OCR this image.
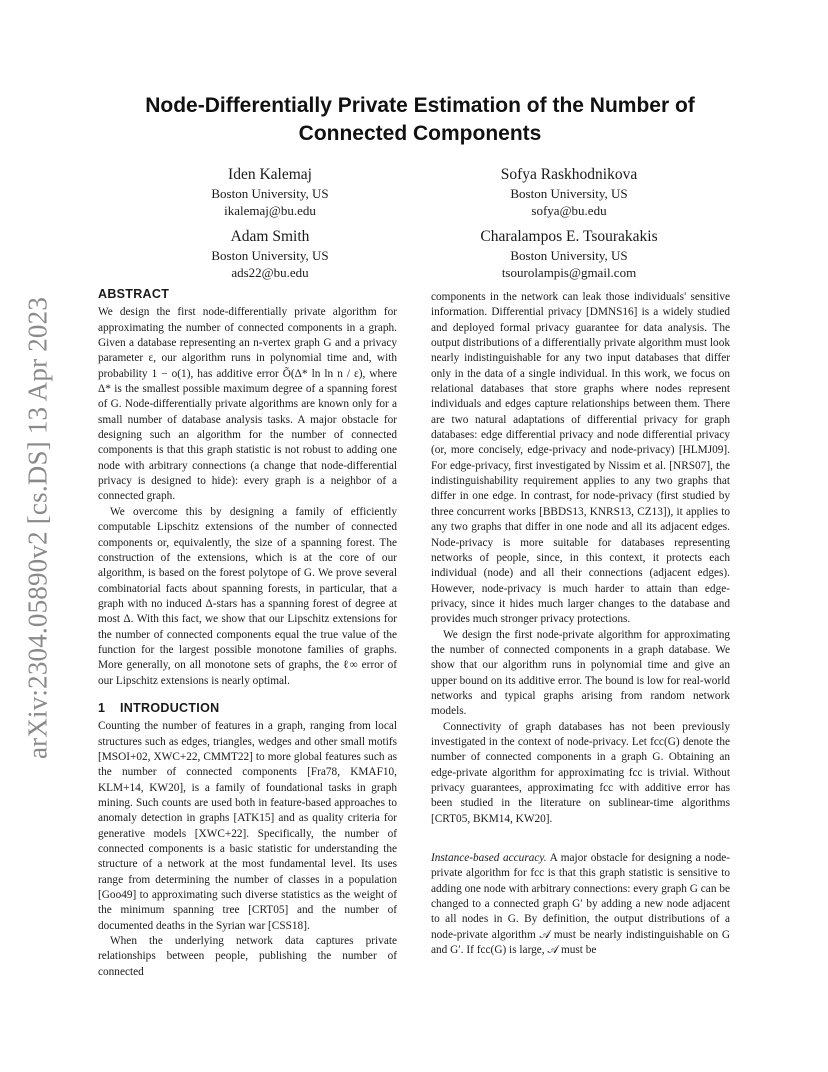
arXiv:2304.05890v2 [cs.DS] 13 Apr 2023
Node-Differentially Private Estimation of the Number of Connected Components
Iden Kalemaj
Boston University, US
ikalemaj@bu.edu
Sofya Raskhodnikova
Boston University, US
sofya@bu.edu
Adam Smith
Boston University, US
ads22@bu.edu
Charalampos E. Tsourakakis
Boston University, US
tsourolampis@gmail.com
ABSTRACT

We design the first node-differentially private algorithm for approximating the number of connected components in a graph. Given a database representing an n-vertex graph G and a privacy parameter ε, our algorithm runs in polynomial time and, with probability 1 − o(1), has additive error Õ(Δ* ln ln n / ε), where Δ* is the smallest possible maximum degree of a spanning forest of G. Node-differentially private algorithms are known only for a small number of database analysis tasks. A major obstacle for designing such an algorithm for the number of connected components is that this graph statistic is not robust to adding one node with arbitrary connections (a change that node-differential privacy is designed to hide): every graph is a neighbor of a connected graph.

We overcome this by designing a family of efficiently computable Lipschitz extensions of the number of connected components or, equivalently, the size of a spanning forest. The construction of the extensions, which is at the core of our algorithm, is based on the forest polytope of G. We prove several combinatorial facts about spanning forests, in particular, that a graph with no induced Δ-stars has a spanning forest of degree at most Δ. With this fact, we show that our Lipschitz extensions for the number of connected components equal the true value of the function for the largest possible monotone families of graphs. More generally, on all monotone sets of graphs, the ℓ∞ error of our Lipschitz extensions is nearly optimal.

1 INTRODUCTION

Counting the number of features in a graph, ranging from local structures such as edges, triangles, wedges and other small motifs [MSOI+02, XWC+22, CMMT22] to more global features such as the number of connected components [Fra78, KMAF10, KLM+14, KW20], is a family of foundational tasks in graph mining. Such counts are used both in feature-based approaches to anomaly detection in graphs [ATK15] and as quality criteria for generative models [XWC+22]. Specifically, the number of connected components is a basic statistic for understanding the structure of a network at the most fundamental level. Its uses range from determining the number of classes in a population [Goo49] to approximating such diverse statistics as the weight of the minimum spanning tree [CRT05] and the number of documented deaths in the Syrian war [CSS18].

When the underlying network data captures private relationships between people, publishing the number of connected

components in the network can leak those individuals' sensitive information. Differential privacy [DMNS16] is a widely studied and deployed formal privacy guarantee for data analysis. The output distributions of a differentially private algorithm must look nearly indistinguishable for any two input databases that differ only in the data of a single individual. In this work, we focus on relational databases that store graphs where nodes represent individuals and edges capture relationships between them. There are two natural adaptations of differential privacy for graph databases: edge differential privacy and node differential privacy (or, more concisely, edge-privacy and node-privacy) [HLMJ09]. For edge-privacy, first investigated by Nissim et al. [NRS07], the indistinguishability requirement applies to any two graphs that differ in one edge. In contrast, for node-privacy (first studied by three concurrent works [BBDS13, KNRS13, CZ13]), it applies to any two graphs that differ in one node and all its adjacent edges. Node-privacy is more suitable for databases representing networks of people, since, in this context, it protects each individual (node) and all their connections (adjacent edges). However, node-privacy is much harder to attain than edge-privacy, since it hides much larger changes to the database and provides much stronger privacy protections.

We design the first node-private algorithm for approximating the number of connected components in a graph database. We show that our algorithm runs in polynomial time and give an upper bound on its additive error. The bound is low for real-world networks and typical graphs arising from random network models.

Connectivity of graph databases has not been previously investigated in the context of node-privacy. Let fcc(G) denote the number of connected components in a graph G. Obtaining an edge-private algorithm for approximating fcc is trivial. Without privacy guarantees, approximating fcc with additive error has been studied in the literature on sublinear-time algorithms [CRT05, BKM14, KW20].

Instance-based accuracy. A major obstacle for designing a node-private algorithm for fcc is that this graph statistic is sensitive to adding one node with arbitrary connections: every graph G can be changed to a connected graph G′ by adding a new node adjacent to all nodes in G. By definition, the output distributions of a node-private algorithm 𝒜 must be nearly indistinguishable on G and G′. If fcc(G) is large, 𝒜 must be
